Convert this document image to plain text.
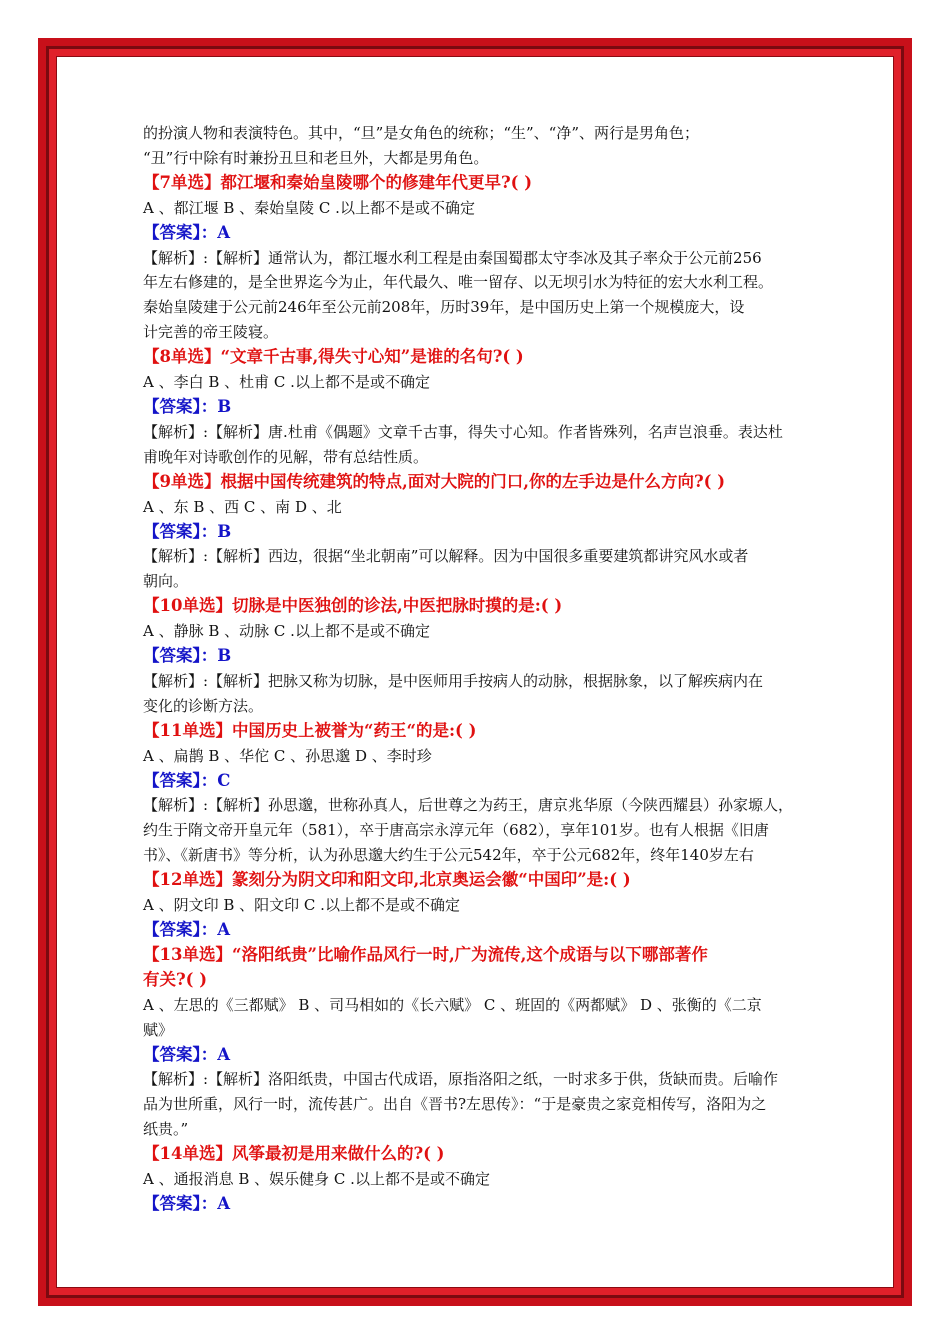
的扮演人物和表演特色。其中，“旦”是女角色的统称；“生”、“净”、两行是男角色；

“丑”行中除有时兼扮丑旦和老旦外，大都是男角色。

【7单选】都江堰和秦始皇陵哪个的修建年代更早?( )

A 、都江堰 B 、秦始皇陵 C .以上都不是或不确定

【答案】：A

【解析】:【解析】通常认为，都江堰水利工程是由秦国蜀郡太守李冰及其子率众于公元前256

年左右修建的，是全世界迄今为止，年代最久、唯一留存、以无坝引水为特征的宏大水利工程。

秦始皇陵建于公元前246年至公元前208年，历时39年，是中国历史上第一个规模庞大，设

计完善的帝王陵寝。

【8单选】“文章千古事,得失寸心知”是谁的名句?( )

A 、李白 B 、杜甫 C .以上都不是或不确定

【答案】：B

【解析】:【解析】唐.杜甫《偶题》文章千古事，得失寸心知。作者皆殊列，名声岂浪垂。表达杜

甫晚年对诗歌创作的见解，带有总结性质。

【9单选】根据中国传统建筑的特点,面对大院的门口,你的左手边是什么方向?( )

A 、东 B 、西 C 、南 D 、北

【答案】：B

【解析】:【解析】西边，很据“坐北朝南”可以解释。因为中国很多重要建筑都讲究风水或者

朝向。

【10单选】切脉是中医独创的诊法,中医把脉时摸的是:( )

A 、静脉 B 、动脉 C .以上都不是或不确定

【答案】：B

【解析】:【解析】把脉又称为切脉，是中医师用手按病人的动脉，根据脉象，以了解疾病内在

变化的诊断方法。

【11单选】中国历史上被誉为“药王“的是:( )

A 、扁鹊 B 、华佗 C 、孙思邈 D 、李时珍

【答案】：C

【解析】:【解析】孙思邈，世称孙真人，后世尊之为药王，唐京兆华原（今陕西耀县）孙家塬人，

约生于隋文帝开皇元年（581），卒于唐高宗永淳元年（682），享年101岁。也有人根据《旧唐

书》、《新唐书》等分析，认为孙思邈大约生于公元542年，卒于公元682年，终年140岁左右

【12单选】篆刻分为阴文印和阳文印,北京奥运会徽“中国印”是:( )

A 、阴文印 B 、阳文印 C .以上都不是或不确定

【答案】：A

【13单选】“洛阳纸贵”比喻作品风行一时,广为流传,这个成语与以下哪部著作

有关?( )

A 、左思的《三都赋》 B 、司马相如的《长六赋》 C 、班固的《两都赋》 D 、张衡的《二京

赋》

【答案】：A

【解析】:【解析】洛阳纸贵，中国古代成语，原指洛阳之纸，一时求多于供，货缺而贵。后喻作

品为世所重，风行一时，流传甚广。出自《晋书?左思传》：“于是豪贵之家竞相传写，洛阳为之

纸贵。”

【14单选】风筝最初是用来做什么的?( )

A 、通报消息 B 、娱乐健身 C .以上都不是或不确定

【答案】：A
